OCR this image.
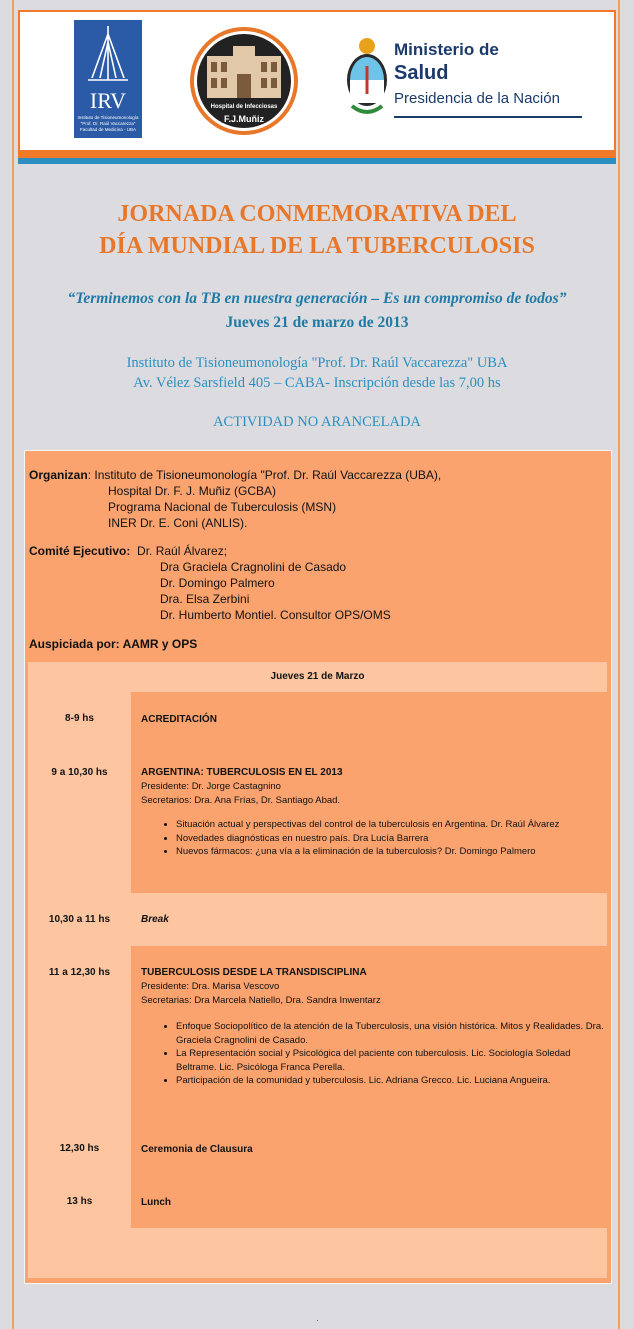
IRV
Instituto de Tisioneumonología "Prof. Dr. Raúl Vaccarezza" Facultad de Medicina - UBA
Hospital de Infecciosas
F.J.Muñiz
Ministerio de
Salud
Presidencia de la Nación
JORNADA CONMEMORATIVA DEL
DÍA MUNDIAL DE LA TUBERCULOSIS
“Terminemos con la TB en nuestra generación – Es un compromiso de todos”
Jueves 21 de marzo de 2013
Instituto de Tisioneumonología "Prof. Dr. Raúl Vaccarezza" UBA
Av. Vélez Sarsfield 405 – CABA- Inscripción desde las 7,00 hs
ACTIVIDAD NO ARANCELADA
Organizan: Instituto de Tisioneumonología "Prof. Dr. Raúl Vaccarezza (UBA),
Hospital Dr. F. J. Muñiz (GCBA)
Programa Nacional de Tuberculosis (MSN)
INER Dr. E. Coni (ANLIS).
Comité Ejecutivo: Dr. Raúl Álvarez;
Dra Graciela Cragnolini de Casado
Dr. Domingo Palmero
Dra. Elsa Zerbini
Dr. Humberto Montiel. Consultor OPS/OMS
Auspiciada por: AAMR y OPS
Jueves 21 de Marzo
8-9 hs	ACREDITACIÓN
9 a 10,30 hs	ARGENTINA: TUBERCULOSIS EN EL 2013
Presidente: Dr. Jorge Castagnino
Secretarios: Dra. Ana Frías, Dr. Santiago Abad.
• Situación actual y perspectivas del control de la tuberculosis en Argentina. Dr. Raúl Álvarez
• Novedades diagnósticas en nuestro país. Dra Lucía Barrera
• Nuevos fármacos: ¿una vía a la eliminación de la tuberculosis? Dr. Domingo Palmero
10,30 a 11 hs	Break
11 a 12,30 hs	TUBERCULOSIS DESDE LA TRANSDISCIPLINA
Presidente: Dra. Marisa Vescovo
Secretarias: Dra Marcela Natiello, Dra. Sandra Inwentarz
• Enfoque Sociopolítico de la atención de la Tuberculosis, una visión histórica. Mitos y Realidades. Dra. Graciela Cragnolini de Casado.
• La Representación social y Psicológica del paciente con tuberculosis. Lic. Sociología Soledad Beltrame. Lic. Psicóloga Franca Perella.
• Participación de la comunidad y tuberculosis. Lic. Adriana Grecco. Lic. Luciana Angueira.
12,30 hs	Ceremonia de Clausura
13 hs	Lunch
